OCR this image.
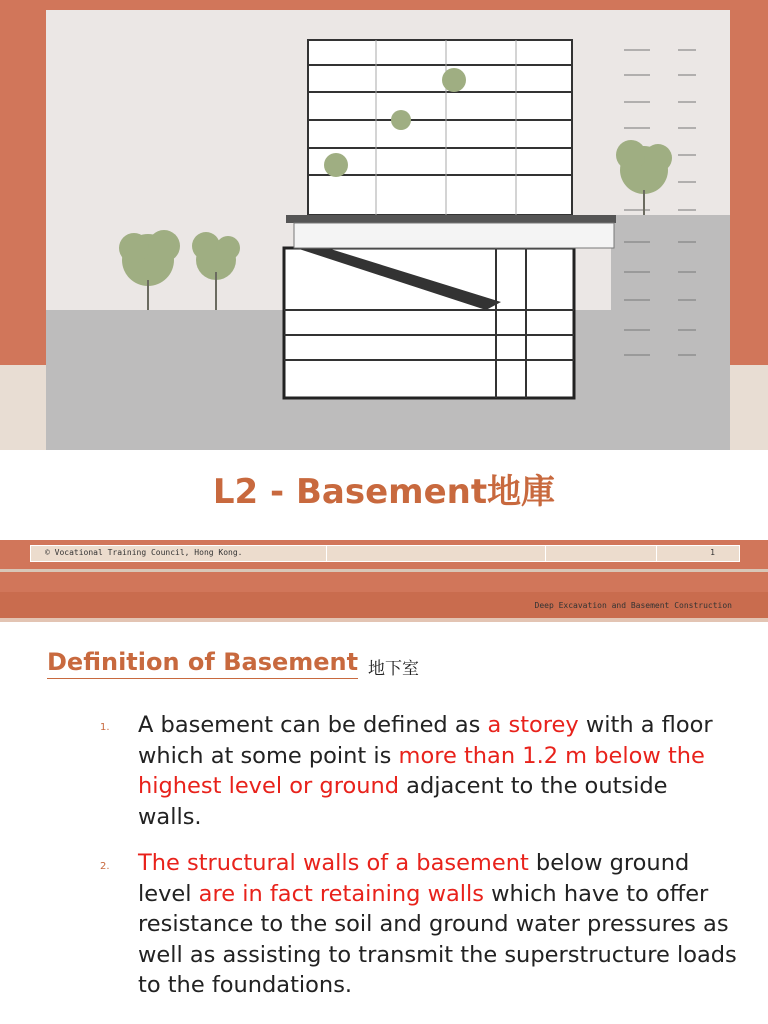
L2 - Basement地庫
© Vocational Training Council, Hong Kong.	1
Deep Excavation and Basement Construction
Definition of Basement 地下室
1. A basement can be defined as a storey with a floor which at some point is more than 1.2 m below the highest level or ground adjacent to the outside walls.
2. The structural walls of a basement below ground level are in fact retaining walls which have to offer resistance to the soil and ground water pressures as well as assisting to transmit the superstructure loads to the foundations.
